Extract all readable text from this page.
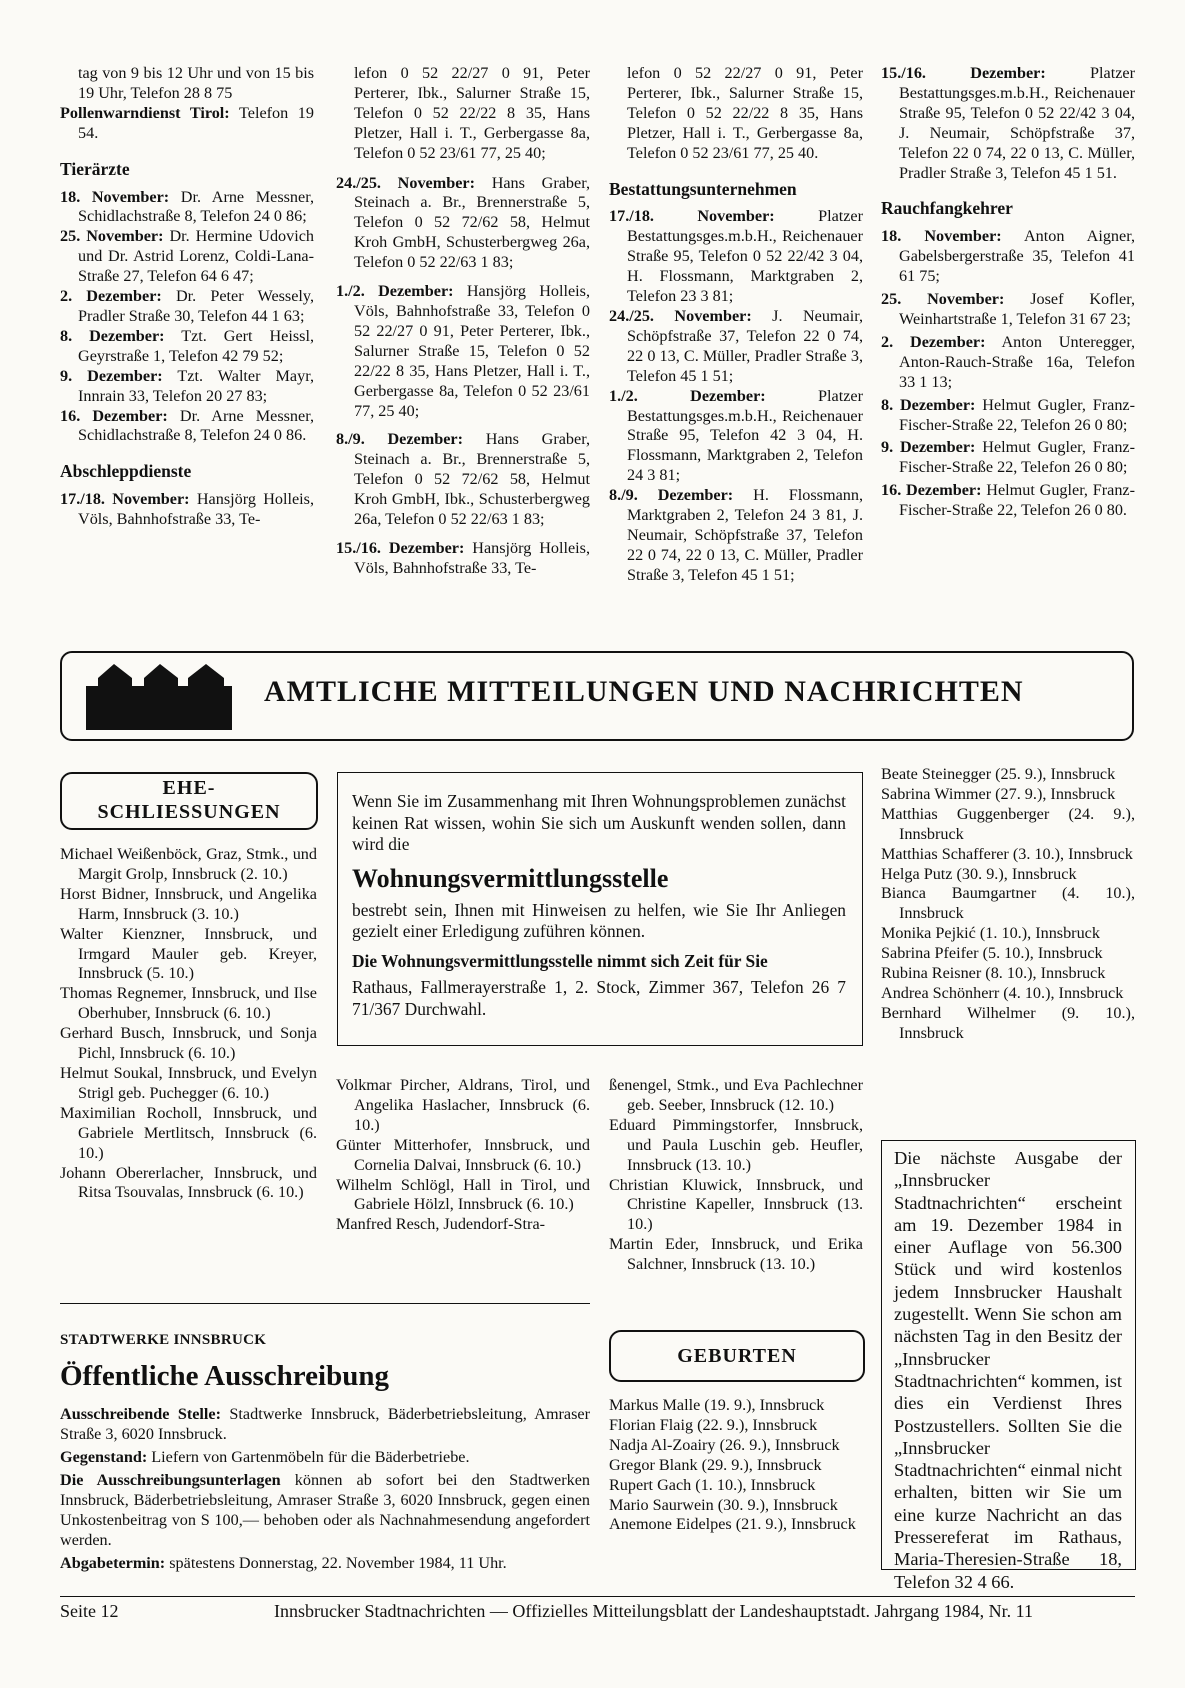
tag von 9 bis 12 Uhr und von 15 bis 19 Uhr, Telefon 28 8 75

Pollenwarndienst Tirol: Telefon 19 54.

Tierärzte

18. November: Dr. Arne Messner, Schidlachstraße 8, Telefon 24 0 86;

25. November: Dr. Hermine Udovich und Dr. Astrid Lorenz, Coldi-Lana-Straße 27, Telefon 64 6 47;

2. Dezember: Dr. Peter Wessely, Pradler Straße 30, Telefon 44 1 63;

8. Dezember: Tzt. Gert Heissl, Geyrstraße 1, Telefon 42 79 52;

9. Dezember: Tzt. Walter Mayr, Innrain 33, Telefon 20 27 83;

16. Dezember: Dr. Arne Messner, Schidlachstraße 8, Telefon 24 0 86.

Abschleppdienste

17./18. November: Hansjörg Holleis, Völs, Bahnhofstraße 33, Te-

lefon 0 52 22/27 0 91, Peter Perterer, Ibk., Salurner Straße 15, Telefon 0 52 22/22 8 35, Hans Pletzer, Hall i. T., Gerbergasse 8a, Telefon 0 52 23/61 77, 25 40;

24./25. November: Hans Graber, Steinach a. Br., Brennerstraße 5, Telefon 0 52 72/62 58, Helmut Kroh GmbH, Schusterbergweg 26a, Telefon 0 52 22/63 1 83;

1./2. Dezember: Hansjörg Holleis, Völs, Bahnhofstraße 33, Telefon 0 52 22/27 0 91, Peter Perterer, Ibk., Salurner Straße 15, Telefon 0 52 22/22 8 35, Hans Pletzer, Hall i. T., Gerbergasse 8a, Telefon 0 52 23/61 77, 25 40;

8./9. Dezember: Hans Graber, Steinach a. Br., Brennerstraße 5, Telefon 0 52 72/62 58, Helmut Kroh GmbH, Ibk., Schusterbergweg 26a, Telefon 0 52 22/63 1 83;

15./16. Dezember: Hansjörg Holleis, Völs, Bahnhofstraße 33, Te-

lefon 0 52 22/27 0 91, Peter Perterer, Ibk., Salurner Straße 15, Telefon 0 52 22/22 8 35, Hans Pletzer, Hall i. T., Gerbergasse 8a, Telefon 0 52 23/61 77, 25 40.

Bestattungsunternehmen

17./18. November:	Platzer Bestattungsges.m.b.H., Reichenauer Straße 95, Telefon 0 52 22/42 3 04, H. Flossmann, Marktgraben 2, Telefon 23 3 81;

24./25. November: J. Neumair, Schöpfstraße 37, Telefon 22 0 74, 22 0 13, C. Müller, Pradler Straße 3, Telefon 45 1 51;

1./2. Dezember:	Platzer Bestattungsges.m.b.H., Reichenauer Straße 95, Telefon 42 3 04, H. Flossmann, Marktgraben 2, Telefon 24 3 81;

8./9. Dezember: H. Flossmann, Marktgraben 2, Telefon 24 3 81, J. Neumair, Schöpfstraße 37, Telefon 22 0 74, 22 0 13, C. Müller, Pradler Straße 3, Telefon 45 1 51;

15./16. Dezember:	Platzer Bestattungsges.m.b.H., Reichenauer Straße 95, Telefon 0 52 22/42 3 04, J. Neumair, Schöpfstraße 37, Telefon 22 0 74, 22 0 13, C. Müller, Pradler Straße 3, Telefon 45 1 51.

Rauchfangkehrer

18. November: Anton Aigner, Gabelsbergerstraße 35, Telefon 41 61 75;

25. November: Josef Kofler, Weinhartstraße 1, Telefon 31 67 23;

2. Dezember: Anton Unteregger, Anton-Rauch-Straße 16a, Telefon 33 1 13;

8. Dezember: Helmut Gugler, Franz-Fischer-Straße 22, Telefon 26 0 80;

9. Dezember: Helmut Gugler, Franz-Fischer-Straße 22, Telefon 26 0 80;

16. Dezember: Helmut Gugler, Franz-Fischer-Straße 22, Telefon 26 0 80.

AMTLICHE MITTEILUNGEN UND NACHRICHTEN
EHE-
SCHLIESSUNGEN

Michael Weißenböck, Graz, Stmk., und Margit Grolp, Innsbruck (2. 10.)

Horst Bidner, Innsbruck, und Angelika Harm, Innsbruck (3. 10.)

Walter Kienzner, Innsbruck, und Irmgard Mauler geb. Kreyer, Innsbruck (5. 10.)

Thomas Regnemer, Innsbruck, und Ilse Oberhuber, Innsbruck (6. 10.)

Gerhard Busch, Innsbruck, und Sonja Pichl, Innsbruck (6. 10.)

Helmut Soukal, Innsbruck, und Evelyn Strigl geb. Puchegger (6. 10.)

Maximilian Rocholl, Innsbruck, und Gabriele Mertlitsch, Innsbruck (6. 10.)

Johann Obererlacher, Innsbruck, und Ritsa Tsouvalas, Innsbruck (6. 10.)

Volkmar Pircher, Aldrans, Tirol, und Angelika Haslacher, Innsbruck (6. 10.)

Günter Mitterhofer, Innsbruck, und Cornelia Dalvai, Innsbruck (6. 10.)

Wilhelm Schlögl, Hall in Tirol, und Gabriele Hölzl, Innsbruck (6. 10.)

Manfred Resch, Judendorf-Stra-

ßenengel, Stmk., und Eva Pachlechner geb. Seeber, Innsbruck (12. 10.)

Eduard Pimmingstorfer, Innsbruck, und Paula Luschin geb. Heufler, Innsbruck (13. 10.)

Christian Kluwick, Innsbruck, und Christine Kapeller, Innsbruck (13. 10.)

Martin Eder, Innsbruck, und Erika Salchner, Innsbruck (13. 10.)

Wenn Sie im Zusammenhang mit Ihren Wohnungsproblemen zunächst keinen Rat wissen, wohin Sie sich um Auskunft wenden sollen, dann wird die

Wohnungsvermittlungsstelle

bestrebt sein, Ihnen mit Hinweisen zu helfen, wie Sie Ihr Anliegen gezielt einer Erledigung zuführen können.

Die Wohnungsvermittlungsstelle nimmt sich Zeit für Sie

Rathaus, Fallmerayerstraße 1, 2. Stock, Zimmer 367, Telefon 26 7 71/367 Durchwahl.

Beate Steinegger (25. 9.), Innsbruck

Sabrina Wimmer (27. 9.), Innsbruck

Matthias Guggenberger (24. 9.), Innsbruck

Matthias Schafferer (3. 10.), Innsbruck

Helga Putz (30. 9.), Innsbruck

Bianca Baumgartner (4. 10.), Innsbruck

Monika Pejkić (1. 10.), Innsbruck

Sabrina Pfeifer (5. 10.), Innsbruck

Rubina Reisner (8. 10.), Innsbruck

Andrea Schönherr (4. 10.), Innsbruck

Bernhard Wilhelmer (9. 10.), Innsbruck

Die nächste Ausgabe der „Innsbrucker Stadtnachrichten“ erscheint am 19. Dezember 1984 in einer Auflage von 56.300 Stück und wird kostenlos jedem Innsbrucker Haushalt zugestellt. Wenn Sie schon am nächsten Tag in den Besitz der „Innsbrucker Stadtnachrichten“ kommen, ist dies ein Verdienst Ihres Postzustellers. Sollten Sie die „Innsbrucker Stadtnachrichten“ einmal nicht erhalten, bitten wir Sie um eine kurze Nachricht an das Pressereferat im Rathaus, Maria-Theresien-Straße 18, Telefon 32 4 66.

STADTWERKE INNSBRUCK
Öffentliche Ausschreibung

Ausschreibende Stelle: Stadtwerke Innsbruck, Bäderbetriebsleitung, Amraser Straße 3, 6020 Innsbruck.

Gegenstand: Liefern von Gartenmöbeln für die Bäderbetriebe.

Die Ausschreibungsunterlagen können ab sofort bei den Stadtwerken Innsbruck, Bäderbetriebsleitung, Amraser Straße 3, 6020 Innsbruck, gegen einen Unkostenbeitrag von S 100,— behoben oder als Nachnahmesendung angefordert werden.

Abgabetermin: spätestens Donnerstag, 22. November 1984, 11 Uhr.

GEBURTEN

Markus Malle (19. 9.), Innsbruck

Florian Flaig (22. 9.), Innsbruck

Nadja Al-Zoairy (26. 9.), Innsbruck

Gregor Blank (29. 9.), Innsbruck

Rupert Gach (1. 10.), Innsbruck

Mario Saurwein (30. 9.), Innsbruck

Anemone Eidelpes (21. 9.), Innsbruck

Seite 12	Innsbrucker Stadtnachrichten — Offizielles Mitteilungsblatt der Landeshauptstadt. Jahrgang 1984, Nr. 11
